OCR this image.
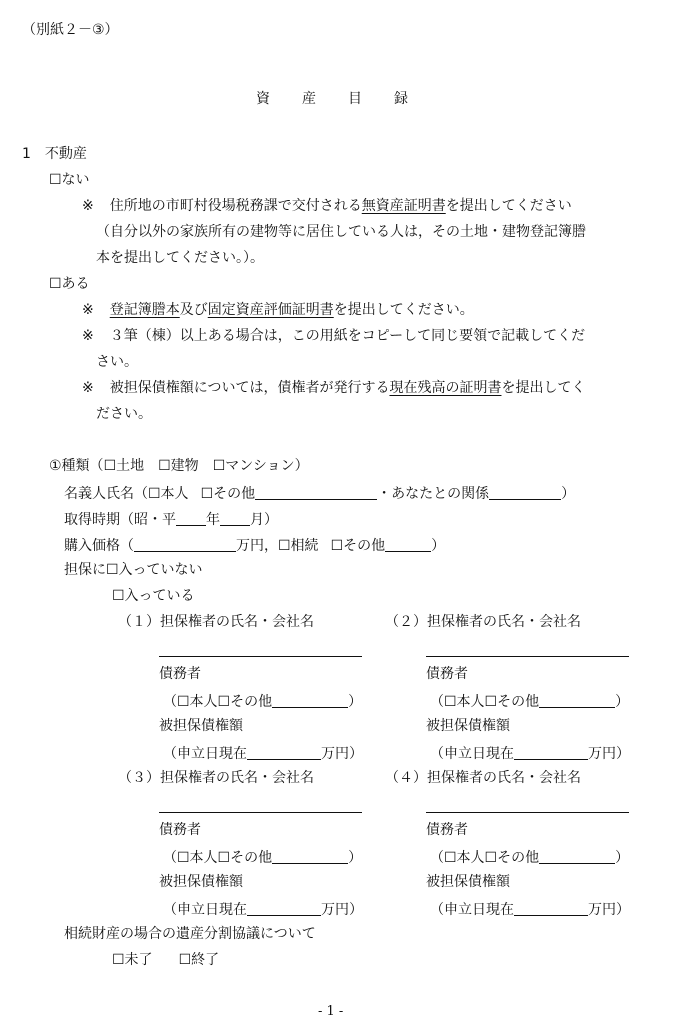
（別紙２－③）
資 産 目 録
1　不動産
☐ない
※ 住所地の市町村役場税務課で交付される無資産証明書を提出してください
（自分以外の家族所有の建物等に居住している人は，その土地・建物登記簿謄
本を提出してください。）。
☐ある
※ 登記簿謄本及び固定資産評価証明書を提出してください。
※ ３筆（棟）以上ある場合は，この用紙をコピーして同じ要領で記載してくだ
さい。
※ 被担保債権額については，債権者が発行する現在残高の証明書を提出してく
ださい。
①種類（☐土地 ☐建物 ☐マンション）
名義人氏名（☐本人 ☐その他	・あなたとの関係	）
取得時期（昭・平 年 月）
購入価格（	万円，☐相続 ☐その他	）
担保に☐入っていない
☐入っている
（１）担保権者の氏名・会社名
債務者
（☐本人☐その他	）
被担保債権額
（申立日現在	万円）
（２）担保権者の氏名・会社名
債務者
（☐本人☐その他	）
被担保債権額
（申立日現在	万円）
（３）担保権者の氏名・会社名
債務者
（☐本人☐その他	）
被担保債権額
（申立日現在	万円）
（４）担保権者の氏名・会社名
債務者
（☐本人☐その他	）
被担保債権額
（申立日現在	万円）
相続財産の場合の遺産分割協議について
☐未了 ☐終了
- 1 -
